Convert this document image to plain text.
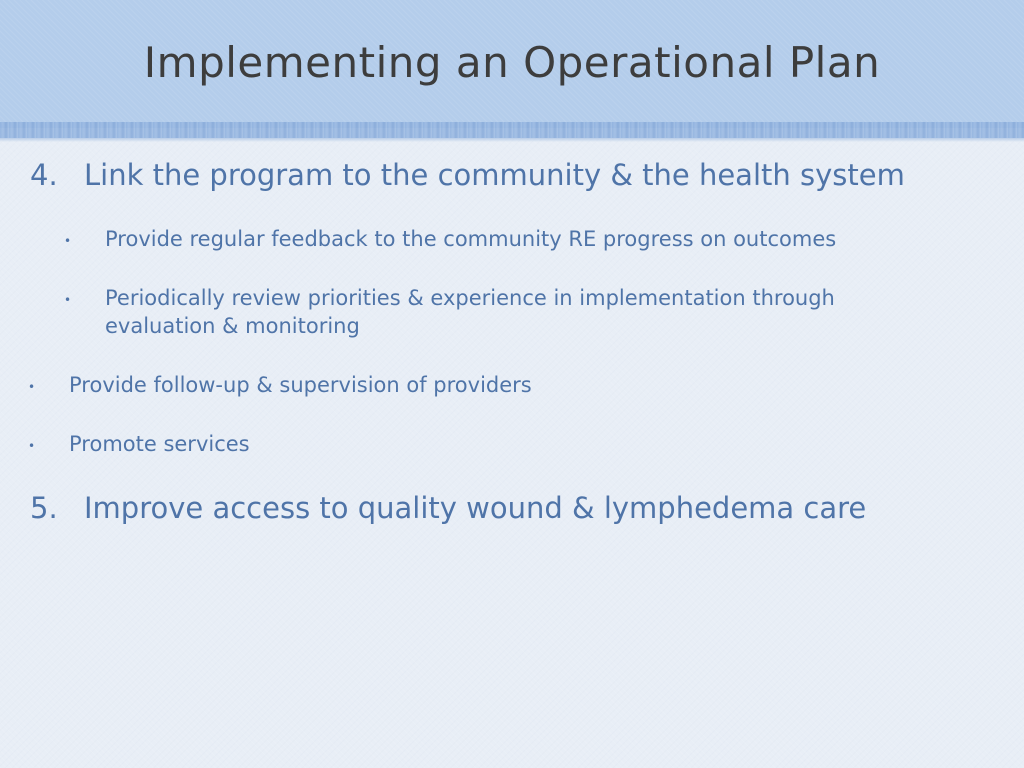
Implementing an Operational Plan
4. Link the program to the community & the health system
• Provide regular feedback to the community RE progress on outcomes
• Periodically review priorities & experience in implementation through
evaluation & monitoring
• Provide follow-up & supervision of providers
• Promote services
5. Improve access to quality wound & lymphedema care
